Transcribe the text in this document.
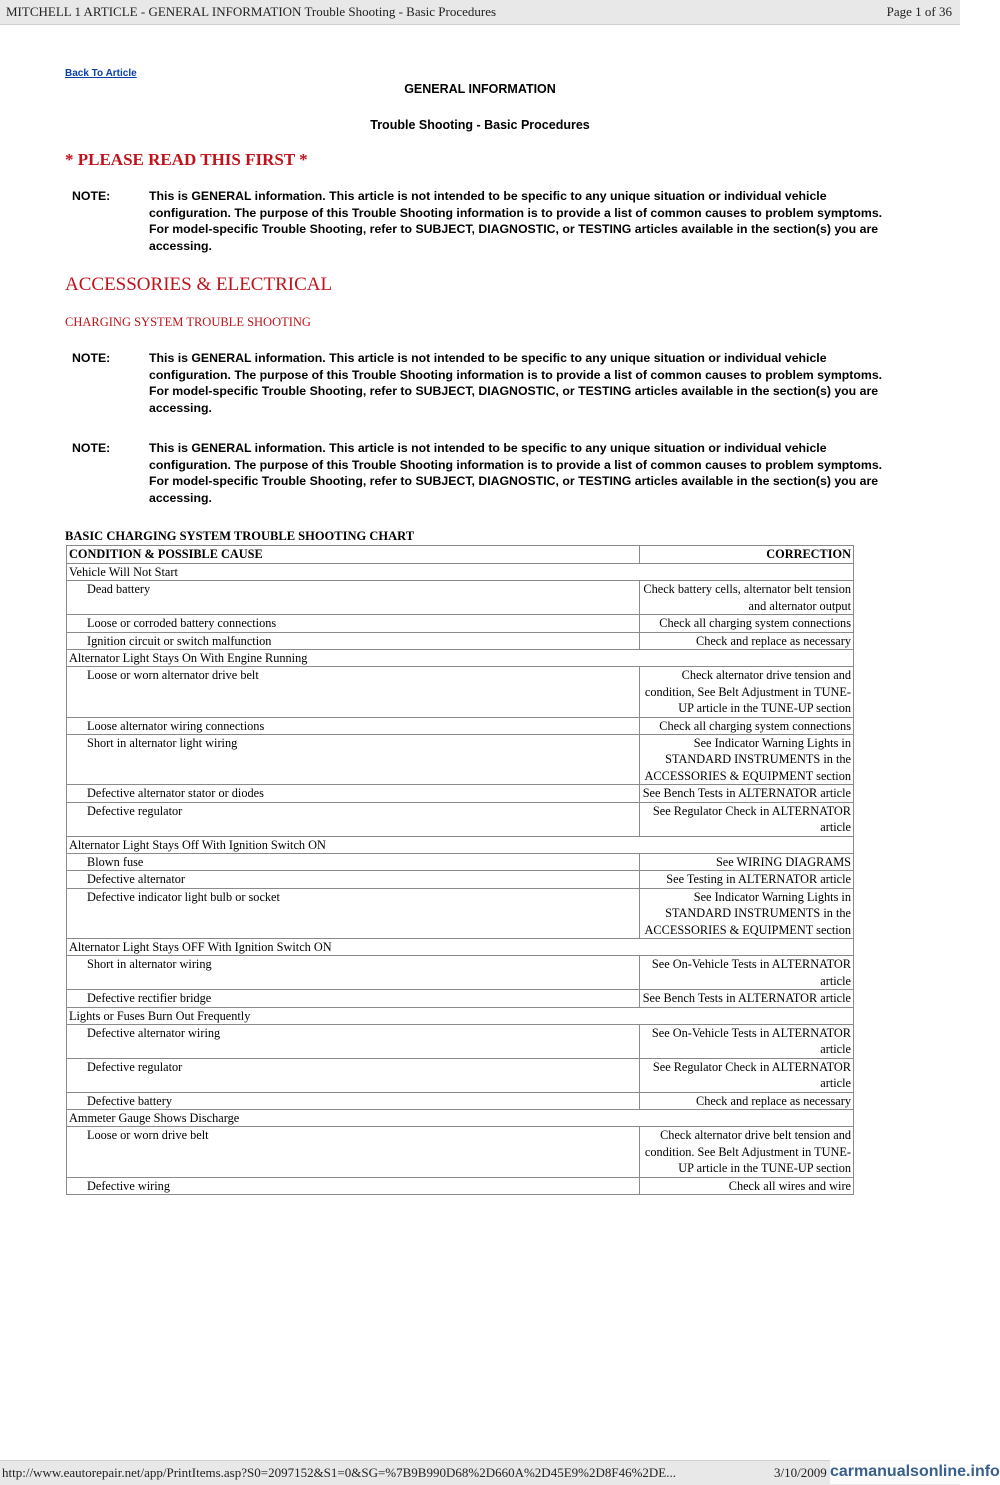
MITCHELL 1 ARTICLE - GENERAL INFORMATION Trouble Shooting - Basic Procedures	Page 1 of 36
Back To Article
GENERAL INFORMATION
Trouble Shooting - Basic Procedures
* PLEASE READ THIS FIRST *
NOTE:	This is GENERAL information. This article is not intended to be specific to any unique situation or individual vehicle configuration. The purpose of this Trouble Shooting information is to provide a list of common causes to problem symptoms. For model-specific Trouble Shooting, refer to SUBJECT, DIAGNOSTIC, or TESTING articles available in the section(s) you are accessing.
ACCESSORIES & ELECTRICAL
CHARGING SYSTEM TROUBLE SHOOTING
NOTE:	This is GENERAL information. This article is not intended to be specific to any unique situation or individual vehicle configuration. The purpose of this Trouble Shooting information is to provide a list of common causes to problem symptoms. For model-specific Trouble Shooting, refer to SUBJECT, DIAGNOSTIC, or TESTING articles available in the section(s) you are accessing.
NOTE:	This is GENERAL information. This article is not intended to be specific to any unique situation or individual vehicle configuration. The purpose of this Trouble Shooting information is to provide a list of common causes to problem symptoms. For model-specific Trouble Shooting, refer to SUBJECT, DIAGNOSTIC, or TESTING articles available in the section(s) you are accessing.
BASIC CHARGING SYSTEM TROUBLE SHOOTING CHART
CONDITION & POSSIBLE CAUSE	CORRECTION
Vehicle Will Not Start	
Dead battery	Check battery cells, alternator belt tension and alternator output
Loose or corroded battery connections	Check all charging system connections
Ignition circuit or switch malfunction	Check and replace as necessary
Alternator Light Stays On With Engine Running	
Loose or worn alternator drive belt	Check alternator drive tension and condition, See Belt Adjustment in TUNE-UP article in the TUNE-UP section
Loose alternator wiring connections	Check all charging system connections
Short in alternator light wiring	See Indicator Warning Lights in STANDARD INSTRUMENTS in the ACCESSORIES & EQUIPMENT section
Defective alternator stator or diodes	See Bench Tests in ALTERNATOR article
Defective regulator	See Regulator Check in ALTERNATOR article
Alternator Light Stays Off With Ignition Switch ON	
Blown fuse	See WIRING DIAGRAMS
Defective alternator	See Testing in ALTERNATOR article
Defective indicator light bulb or socket	See Indicator Warning Lights in STANDARD INSTRUMENTS in the ACCESSORIES & EQUIPMENT section
Alternator Light Stays OFF With Ignition Switch ON	
Short in alternator wiring	See On-Vehicle Tests in ALTERNATOR article
Defective rectifier bridge	See Bench Tests in ALTERNATOR article
Lights or Fuses Burn Out Frequently	
Defective alternator wiring	See On-Vehicle Tests in ALTERNATOR article
Defective regulator	See Regulator Check in ALTERNATOR article
Defective battery	Check and replace as necessary
Ammeter Gauge Shows Discharge	
Loose or worn drive belt	Check alternator drive belt tension and condition. See Belt Adjustment in TUNE-UP article in the TUNE-UP section
Defective wiring	Check all wires and wire
http://www.eautorepair.net/app/PrintItems.asp?S0=2097152&S1=0&SG=%7B9B990D68%2D660A%2D45E9%2D8F46%2DE...	3/10/2009 carmanualsonline.info
